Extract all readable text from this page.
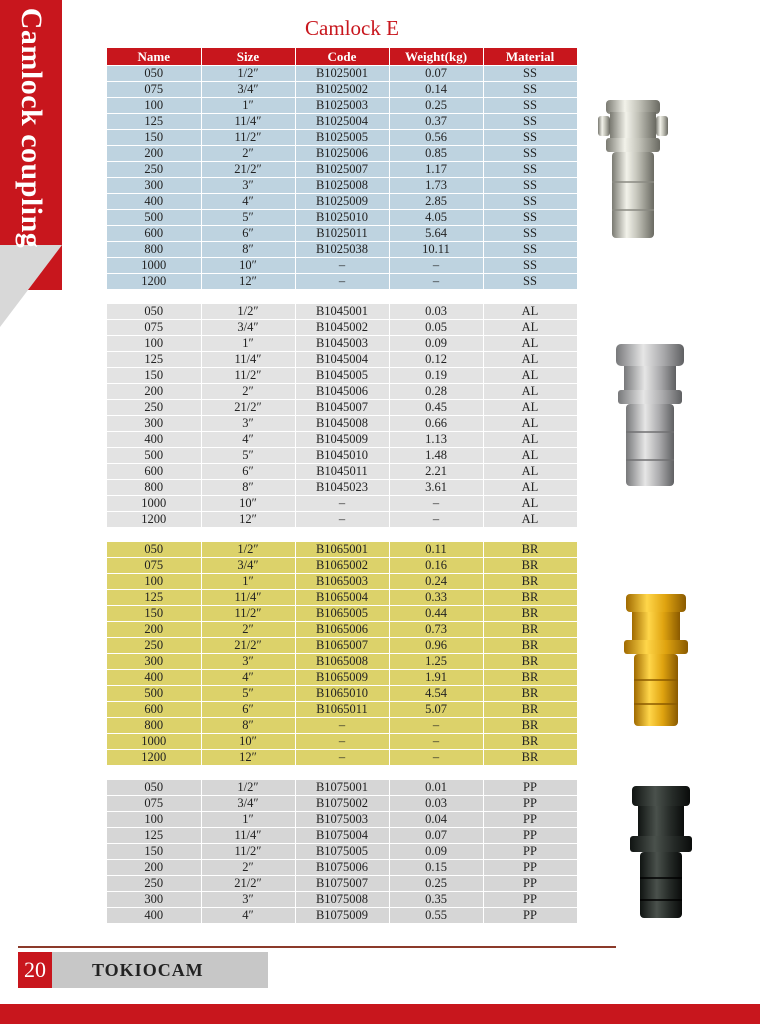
Camlock coupling	Camlock E
Name	Size	Code	Weight(kg)	Material
050	1/2″	B1025001	0.07	SS
075	3/4″	B1025002	0.14	SS
100	1″	B1025003	0.25	SS
125	11/4″	B1025004	0.37	SS
150	11/2″	B1025005	0.56	SS
200	2″	B1025006	0.85	SS
250	21/2″	B1025007	1.17	SS
300	3″	B1025008	1.73	SS
400	4″	B1025009	2.85	SS
500	5″	B1025010	4.05	SS
600	6″	B1025011	5.64	SS
800	8″	B1025038	10.11	SS
1000	10″	–	–	SS
1200	12″	–	–	SS
050	1/2″	B1045001	0.03	AL
075	3/4″	B1045002	0.05	AL
100	1″	B1045003	0.09	AL
125	11/4″	B1045004	0.12	AL
150	11/2″	B1045005	0.19	AL
200	2″	B1045006	0.28	AL
250	21/2″	B1045007	0.45	AL
300	3″	B1045008	0.66	AL
400	4″	B1045009	1.13	AL
500	5″	B1045010	1.48	AL
600	6″	B1045011	2.21	AL
800	8″	B1045023	3.61	AL
1000	10″	–	–	AL
1200	12″	–	–	AL
050	1/2″	B1065001	0.11	BR
075	3/4″	B1065002	0.16	BR
100	1″	B1065003	0.24	BR
125	11/4″	B1065004	0.33	BR
150	11/2″	B1065005	0.44	BR
200	2″	B1065006	0.73	BR
250	21/2″	B1065007	0.96	BR
300	3″	B1065008	1.25	BR
400	4″	B1065009	1.91	BR
500	5″	B1065010	4.54	BR
600	6″	B1065011	5.07	BR
800	8″	–	–	BR
1000	10″	–	–	BR
1200	12″	–	–	BR
050	1/2″	B1075001	0.01	PP
075	3/4″	B1075002	0.03	PP
100	1″	B1075003	0.04	PP
125	11/4″	B1075004	0.07	PP
150	11/2″	B1075005	0.09	PP
200	2″	B1075006	0.15	PP
250	21/2″	B1075007	0.25	PP
300	3″	B1075008	0.35	PP
400	4″	B1075009	0.55	PP
20	TOKIOCAM
